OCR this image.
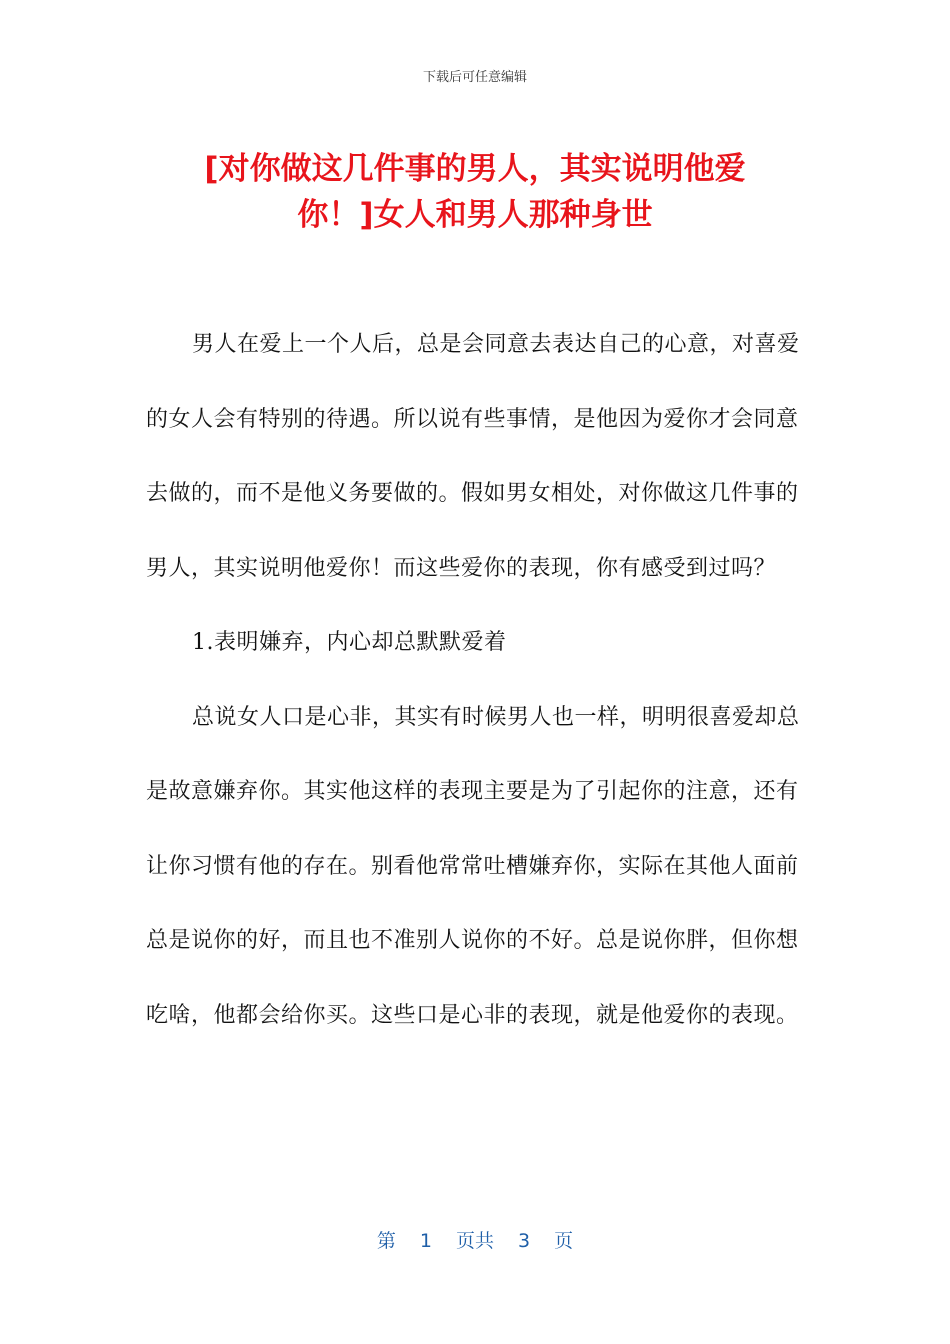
下载后可任意编辑
[对你做这几件事的男人，其实说明他爱
你！]女人和男人那种身世

男人在爱上一个人后，总是会同意去表达自己的心意，对喜爱的女人会有特别的待遇。所以说有些事情，是他因为爱你才会同意去做的，而不是他义务要做的。假如男女相处，对你做这几件事的男人，其实说明他爱你！而这些爱你的表现，你有感受到过吗？

1.表明嫌弃，内心却总默默爱着

总说女人口是心非，其实有时候男人也一样，明明很喜爱却总是故意嫌弃你。其实他这样的表现主要是为了引起你的注意，还有让你习惯有他的存在。别看他常常吐槽嫌弃你，实际在其他人面前总是说你的好，而且也不准别人说你的不好。总是说你胖，但你想吃啥，他都会给你买。这些口是心非的表现，就是他爱你的表现。

第 1 页共 3 页
